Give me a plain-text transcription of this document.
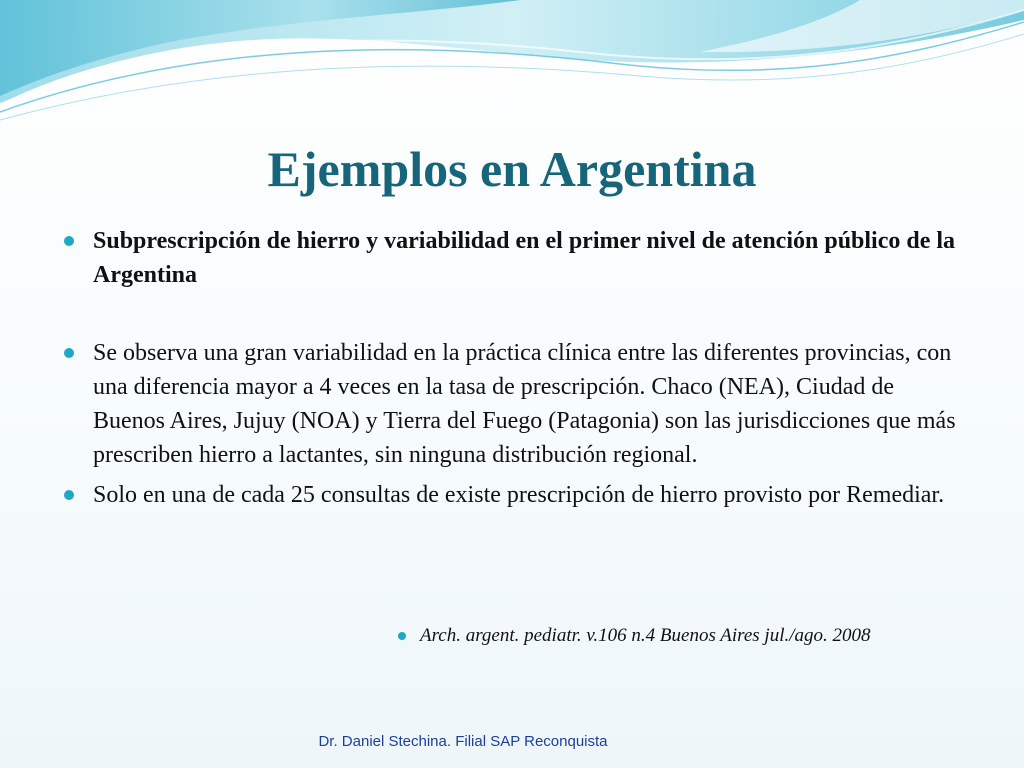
Ejemplos en Argentina
Subprescripción de hierro y variabilidad en el primer nivel de atención público de la Argentina
Se observa una gran variabilidad en la práctica clínica entre las diferentes provincias, con una diferencia mayor a 4 veces en la tasa de prescripción. Chaco (NEA), Ciudad de Buenos Aires, Jujuy (NOA) y Tierra del Fuego (Patagonia) son las jurisdicciones que más prescriben hierro a lactantes, sin ninguna distribución regional.
Solo en una de cada 25 consultas de existe prescripción de hierro provisto por Remediar.
Arch. argent. pediatr. v.106 n.4 Buenos Aires jul./ago. 2008
Dr. Daniel Stechina. Filial SAP Reconquista
